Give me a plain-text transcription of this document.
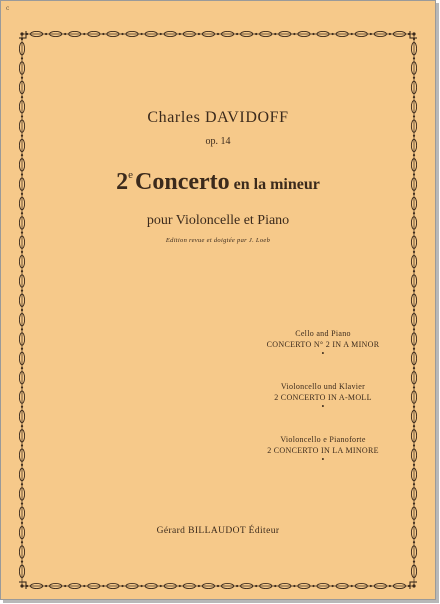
c
Charles DAVIDOFF
op. 14
2eConcerto en la mineur
pour Violoncelle et Piano
Edition revue et doigtée par J. Loeb
Cello and Piano
CONCERTO N° 2 IN A MINOR
•
Violoncello und Klavier
2 CONCERTO IN A-MOLL
•
Violoncello e Pianoforte
2 CONCERTO IN LA MINORE
•
Gérard BILLAUDOT Éditeur
